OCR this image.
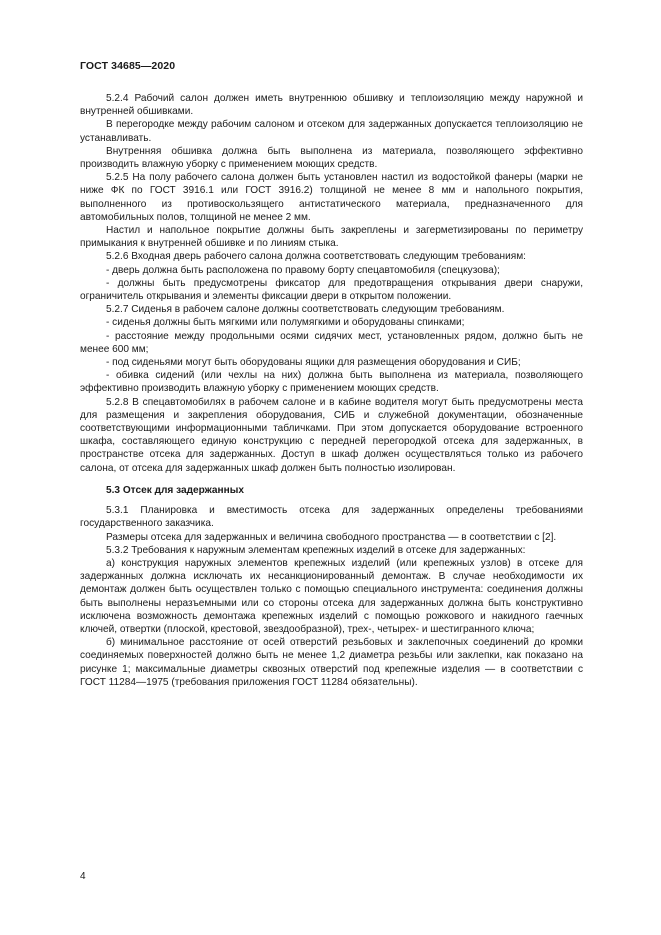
ГОСТ 34685—2020

5.2.4 Рабочий салон должен иметь внутреннюю обшивку и теплоизоляцию между наружной и внутренней обшивками.

В перегородке между рабочим салоном и отсеком для задержанных допускается теплоизоляцию не устанавливать.

Внутренняя обшивка должна быть выполнена из материала, позволяющего эффективно производить влажную уборку с применением моющих средств.

5.2.5 На полу рабочего салона должен быть установлен настил из водостойкой фанеры (марки не ниже ФК по ГОСТ 3916.1 или ГОСТ 3916.2) толщиной не менее 8 мм и напольного покрытия, выполненного из противоскользящего антистатического материала, предназначенного для автомобильных полов, толщиной не менее 2 мм.

Настил и напольное покрытие должны быть закреплены и загерметизированы по периметру примыкания к внутренней обшивке и по линиям стыка.

5.2.6 Входная дверь рабочего салона должна соответствовать следующим требованиям:

- дверь должна быть расположена по правому борту спецавтомобиля (спецкузова);

- должны быть предусмотрены фиксатор для предотвращения открывания двери снаружи, ограничитель открывания и элементы фиксации двери в открытом положении.

5.2.7 Сиденья в рабочем салоне должны соответствовать следующим требованиям.

- сиденья должны быть мягкими или полумягкими и оборудованы спинками;

- расстояние между продольными осями сидячих мест, установленных рядом, должно быть не менее 600 мм;

- под сиденьями могут быть оборудованы ящики для размещения оборудования и СИБ;

- обивка сидений (или чехлы на них) должна быть выполнена из материала, позволяющего эффективно производить влажную уборку с применением моющих средств.

5.2.8 В спецавтомобилях в рабочем салоне и в кабине водителя могут быть предусмотрены места для размещения и закрепления оборудования, СИБ и служебной документации, обозначенные соответствующими информационными табличками. При этом допускается оборудование встроенного шкафа, составляющего единую конструкцию с передней перегородкой отсека для задержанных, в пространстве отсека для задержанных. Доступ в шкаф должен осуществляться только из рабочего салона, от отсека для задержанных шкаф должен быть полностью изолирован.

5.3 Отсек для задержанных

5.3.1 Планировка и вместимость отсека для задержанных определены требованиями государственного заказчика.

Размеры отсека для задержанных и величина свободного пространства — в соответствии с [2].

5.3.2 Требования к наружным элементам крепежных изделий в отсеке для задержанных:

а) конструкция наружных элементов крепежных изделий (или крепежных узлов) в отсеке для задержанных должна исключать их несанкционированный демонтаж. В случае необходимости их демонтаж должен быть осуществлен только с помощью специального инструмента: соединения должны быть выполнены неразъемными или со стороны отсека для задержанных должна быть конструктивно исключена возможность демонтажа крепежных изделий с помощью рожкового и накидного гаечных ключей, отвертки (плоской, крестовой, звездообразной), трех-, четырех- и шестигранного ключа;

б) минимальное расстояние от осей отверстий резьбовых и заклепочных соединений до кромки соединяемых поверхностей должно быть не менее 1,2 диаметра резьбы или заклепки, как показано на рисунке 1; максимальные диаметры сквозных отверстий под крепежные изделия — в соответствии с ГОСТ 11284—1975 (требования приложения ГОСТ 11284 обязательны).

4
